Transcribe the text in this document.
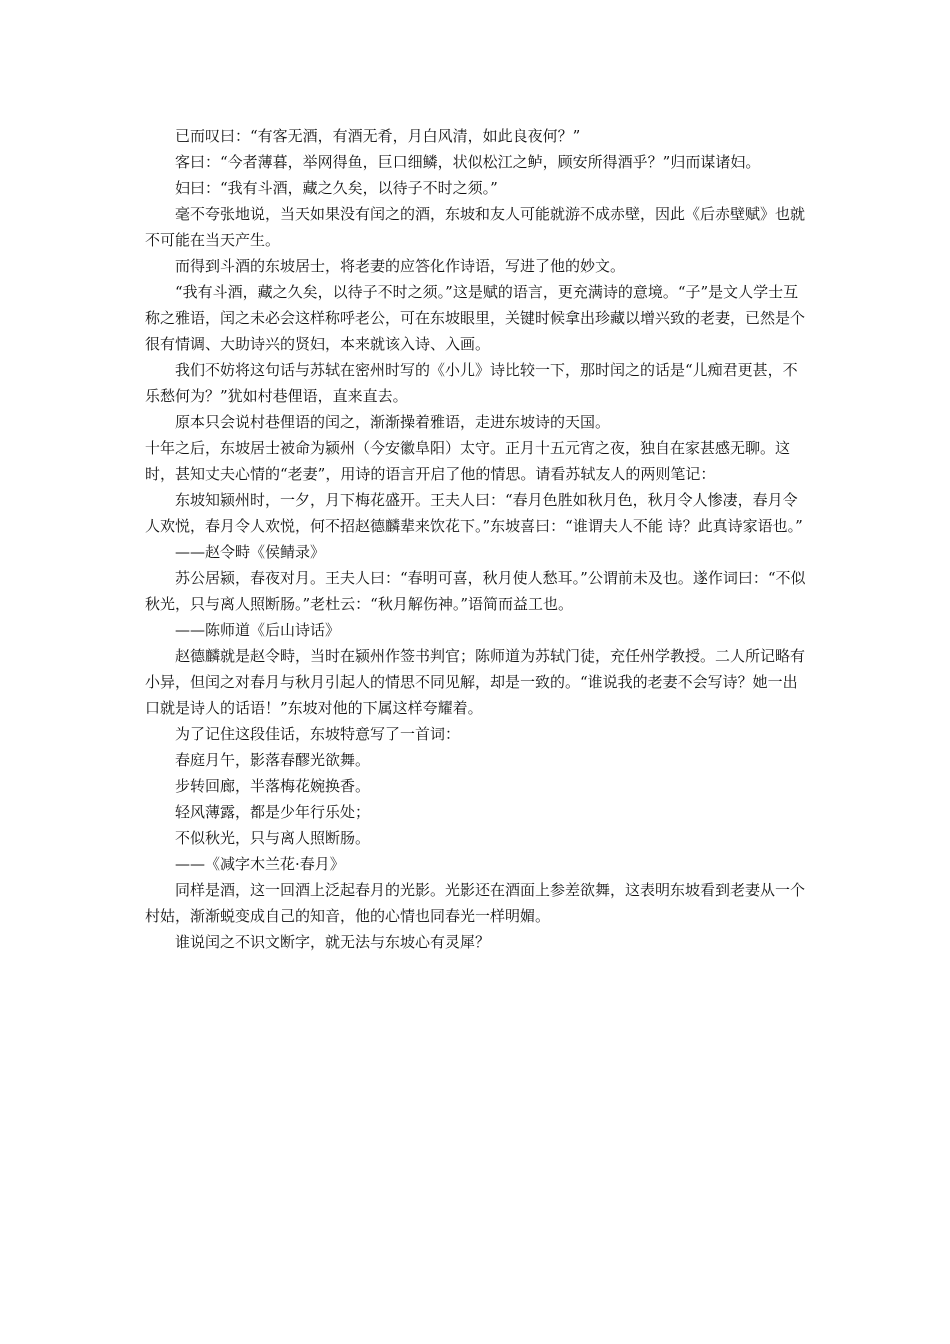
已而叹曰：“有客无酒，有酒无肴，月白风清，如此良夜何？”

客曰：“今者薄暮，举网得鱼，巨口细鳞，状似松江之鲈，顾安所得酒乎？”归而谋诸妇。

妇曰：“我有斗酒，藏之久矣，以待子不时之须。”

毫不夸张地说，当天如果没有闰之的酒，东坡和友人可能就游不成赤壁，因此《后赤壁赋》也就不可能在当天产生。

而得到斗酒的东坡居士，将老妻的应答化作诗语，写进了他的妙文。

“我有斗酒，藏之久矣，以待子不时之须。”这是赋的语言，更充满诗的意境。“子”是文人学士互称之雅语，闰之未必会这样称呼老公，可在东坡眼里，关键时候拿出珍藏以增兴致的老妻，已然是个很有情调、大助诗兴的贤妇，本来就该入诗、入画。

我们不妨将这句话与苏轼在密州时写的《小儿》诗比较一下，那时闰之的话是“儿痴君更甚，不乐愁何为？”犹如村巷俚语，直来直去。

原本只会说村巷俚语的闰之，渐渐操着雅语，走进东坡诗的天国。

十年之后，东坡居士被命为颍州（今安徽阜阳）太守。正月十五元宵之夜，独自在家甚感无聊。这时，甚知丈夫心情的“老妻”，用诗的语言开启了他的情思。请看苏轼友人的两则笔记：

东坡知颍州时，一夕，月下梅花盛开。王夫人曰：“春月色胜如秋月色，秋月令人惨凄，春月令人欢悦，春月令人欢悦，何不招赵德麟辈来饮花下。”东坡喜曰：“谁谓夫人不能 诗？此真诗家语也。”

——赵令畤《侯鲭录》

苏公居颍，春夜对月。王夫人曰：“春明可喜，秋月使人愁耳。”公谓前未及也。遂作词曰：“不似秋光，只与离人照断肠。”老杜云：“秋月解伤神。”语简而益工也。

——陈师道《后山诗话》

赵德麟就是赵令畤，当时在颍州作签书判官；陈师道为苏轼门徒，充任州学教授。二人所记略有小异，但闰之对春月与秋月引起人的情思不同见解，却是一致的。“谁说我的老妻不会写诗？她一出口就是诗人的话语！”东坡对他的下属这样夸耀着。

为了记住这段佳话，东坡特意写了一首词：

春庭月午，影落春醪光欲舞。

步转回廊，半落梅花婉换香。

轻风薄露，都是少年行乐处；

不似秋光，只与离人照断肠。

——《减字木兰花·春月》

同样是酒，这一回酒上泛起春月的光影。光影还在酒面上参差欲舞，这表明东坡看到老妻从一个村姑，渐渐蜕变成自己的知音，他的心情也同春光一样明媚。

谁说闰之不识文断字，就无法与东坡心有灵犀？
